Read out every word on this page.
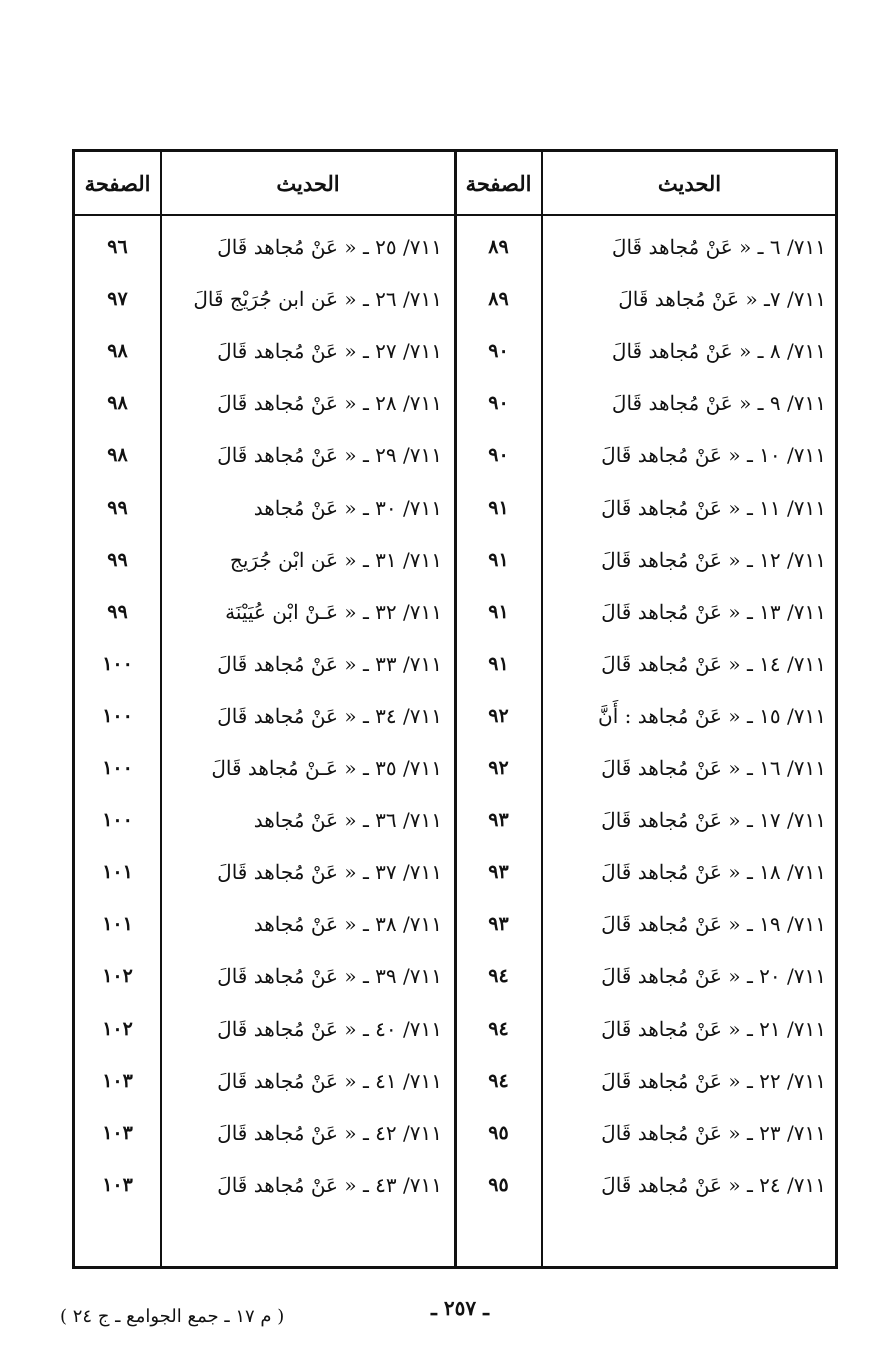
الحديث
الصفحة
الحديث
الصفحة
٧١١/ ٦ ـ « عَنْ مُجاهد قَالَ
٨٩
٧١١/ ٧ـ « عَنْ مُجاهد قَالَ
٨٩
٧١١/ ٨ ـ « عَنْ مُجاهد قَالَ
٩٠
٧١١/ ٩ ـ « عَنْ مُجاهد قَالَ
٩٠
٧١١/ ١٠ ـ « عَنْ مُجاهد قَالَ
٩٠
٧١١/ ١١ ـ « عَنْ مُجاهد قَالَ
٩١
٧١١/ ١٢ ـ « عَنْ مُجاهد قَالَ
٩١
٧١١/ ١٣ ـ « عَنْ مُجاهد قَالَ
٩١
٧١١/ ١٤ ـ « عَنْ مُجاهد قَالَ
٩١
٧١١/ ١٥ ـ « عَنْ مُجاهد : أَنَّ
٩٢
٧١١/ ١٦ ـ « عَنْ مُجاهد قَالَ
٩٢
٧١١/ ١٧ ـ « عَنْ مُجاهد قَالَ
٩٣
٧١١/ ١٨ ـ « عَنْ مُجاهد قَالَ
٩٣
٧١١/ ١٩ ـ « عَنْ مُجاهد قَالَ
٩٣
٧١١/ ٢٠ ـ « عَنْ مُجاهد قَالَ
٩٤
٧١١/ ٢١ ـ « عَنْ مُجاهد قَالَ
٩٤
٧١١/ ٢٢ ـ « عَنْ مُجاهد قَالَ
٩٤
٧١١/ ٢٣ ـ « عَنْ مُجاهد قَالَ
٩٥
٧١١/ ٢٤ ـ « عَنْ مُجاهد قَالَ
٩٥
٧١١/ ٢٥ ـ « عَنْ مُجاهد قَالَ
٩٦
٧١١/ ٢٦ ـ « عَن ابن جُرَيْج قَالَ
٩٧
٧١١/ ٢٧ ـ « عَنْ مُجاهد قَالَ
٩٨
٧١١/ ٢٨ ـ « عَنْ مُجاهد قَالَ
٩٨
٧١١/ ٢٩ ـ « عَنْ مُجاهد قَالَ
٩٨
٧١١/ ٣٠ ـ « عَنْ مُجاهد
٩٩
٧١١/ ٣١ ـ « عَن ابْن جُرَيج
٩٩
٧١١/ ٣٢ ـ « عَـنْ ابْن عُيَيْنَة
٩٩
٧١١/ ٣٣ ـ « عَنْ مُجاهد قَالَ
١٠٠
٧١١/ ٣٤ ـ « عَنْ مُجاهد قَالَ
١٠٠
٧١١/ ٣٥ ـ « عَـنْ مُجاهد قَالَ
١٠٠
٧١١/ ٣٦ ـ « عَنْ مُجاهد
١٠٠
٧١١/ ٣٧ ـ « عَنْ مُجاهد قَالَ
١٠١
٧١١/ ٣٨ ـ « عَنْ مُجاهد
١٠١
٧١١/ ٣٩ ـ « عَنْ مُجاهد قَالَ
١٠٢
٧١١/ ٤٠ ـ « عَنْ مُجاهد قَالَ
١٠٢
٧١١/ ٤١ ـ « عَنْ مُجاهد قَالَ
١٠٣
٧١١/ ٤٢ ـ « عَنْ مُجاهد قَالَ
١٠٣
٧١١/ ٤٣ ـ « عَنْ مُجاهد قَالَ
١٠٣
ـ ٢٥٧ ـ
( م ١٧ ـ جمع الجوامع ـ ج ٢٤ )
